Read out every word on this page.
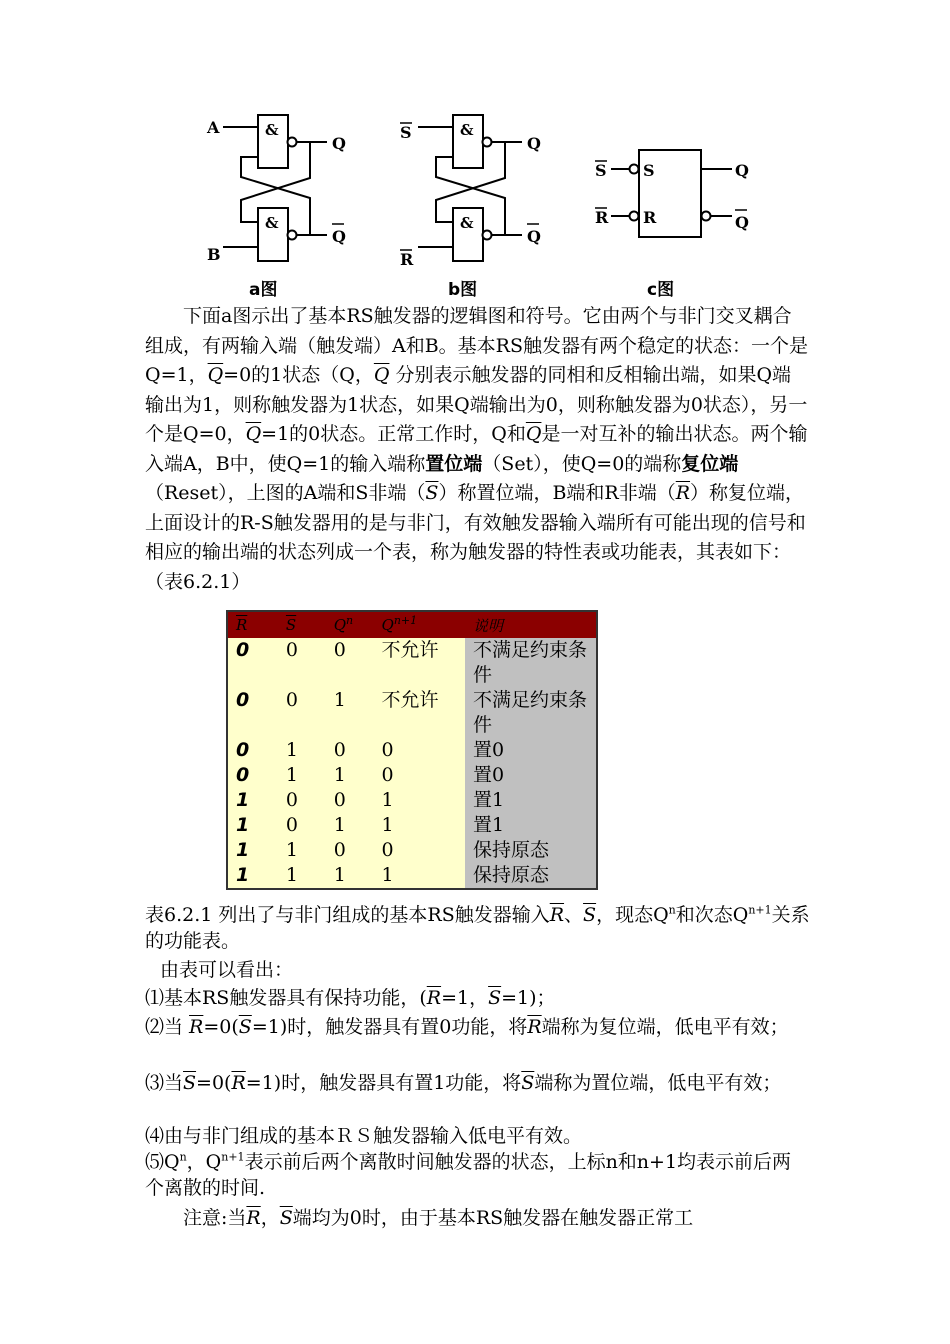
A
B
&
&
Q
Q
a图
S
R
&
&
Q
Q
b图
S
R
S
R
Q
Q
c图
下面a图示出了基本RS触发器的逻辑图和符号。它由两个与非门交叉耦合组成，有两输入端（触发端）A和B。基本RS触发器有两个稳定的状态：一个是Q=1，$\overline{Q}=0$的1状态（Q，$\overline{Q}$ 分别表示触发器的同相和反相输出端，如果Q端输出为1，则称触发器为1状态，如果Q端输出为0，则称触发器为0状态），另一个是Q=0，$\overline{Q}=1$的0状态。正常工作时，Q和$\overline{Q}$是一对互补的输出状态。两个输入端A，B中，使Q=1的输入端称置位端（Set），使Q=0的端称复位端（Reset），上图的A端和S非端$(\overline{S})$称置位端，B端和R非端$(\overline{R})$称复位端，上面设计的R-S触发器用的是与非门，有效触发器输入端所有可能出现的信号和相应的输出端的状态列成一个表，称为触发器的特性表或功能表，其表如下：（表6.2.1）
$\overline{R}$	$\overline{S}$	$Q^n$	$Q^{n+1}$	说明
0	0	0	不允许	不满足约束条件
0	0	1	不允许	不满足约束条件
0	1	0	0	置0
0	1	1	0	置0
1	0	0	1	置1
1	0	1	1	置1
1	1	0	0	保持原态
1	1	1	1	保持原态
表6.2.1 列出了与非门组成的基本RS触发器输入$\overline{R}$、$\overline{S}$，现态$Q^n$和次态$Q^{n+1}$关系的功能表。
由表可以看出：
⑴基本RS触发器具有保持功能，($\overline{R}=1$，$\overline{S}=1$)；
⑵当 $\overline{R}=0(\overline{S}=1)$时，触发器具有置0功能，将$\overline{R}$端称为复位端，低电平有效；
⑶当$\overline{S}=0(\overline{R}=1)$时，触发器具有置1功能，将$\overline{S}$端称为置位端，低电平有效；
⑷由与非门组成的基本ＲＳ触发器输入低电平有效。
$⑸Q^n$，$Q^{n+1}$表示前后两个离散时间触发器的状态，上标n和n+1均表示前后两个离散的时间.
注意:当$\overline{R}$，$\overline{S}$端均为0时，由于基本RS触发器在触发器正常工
